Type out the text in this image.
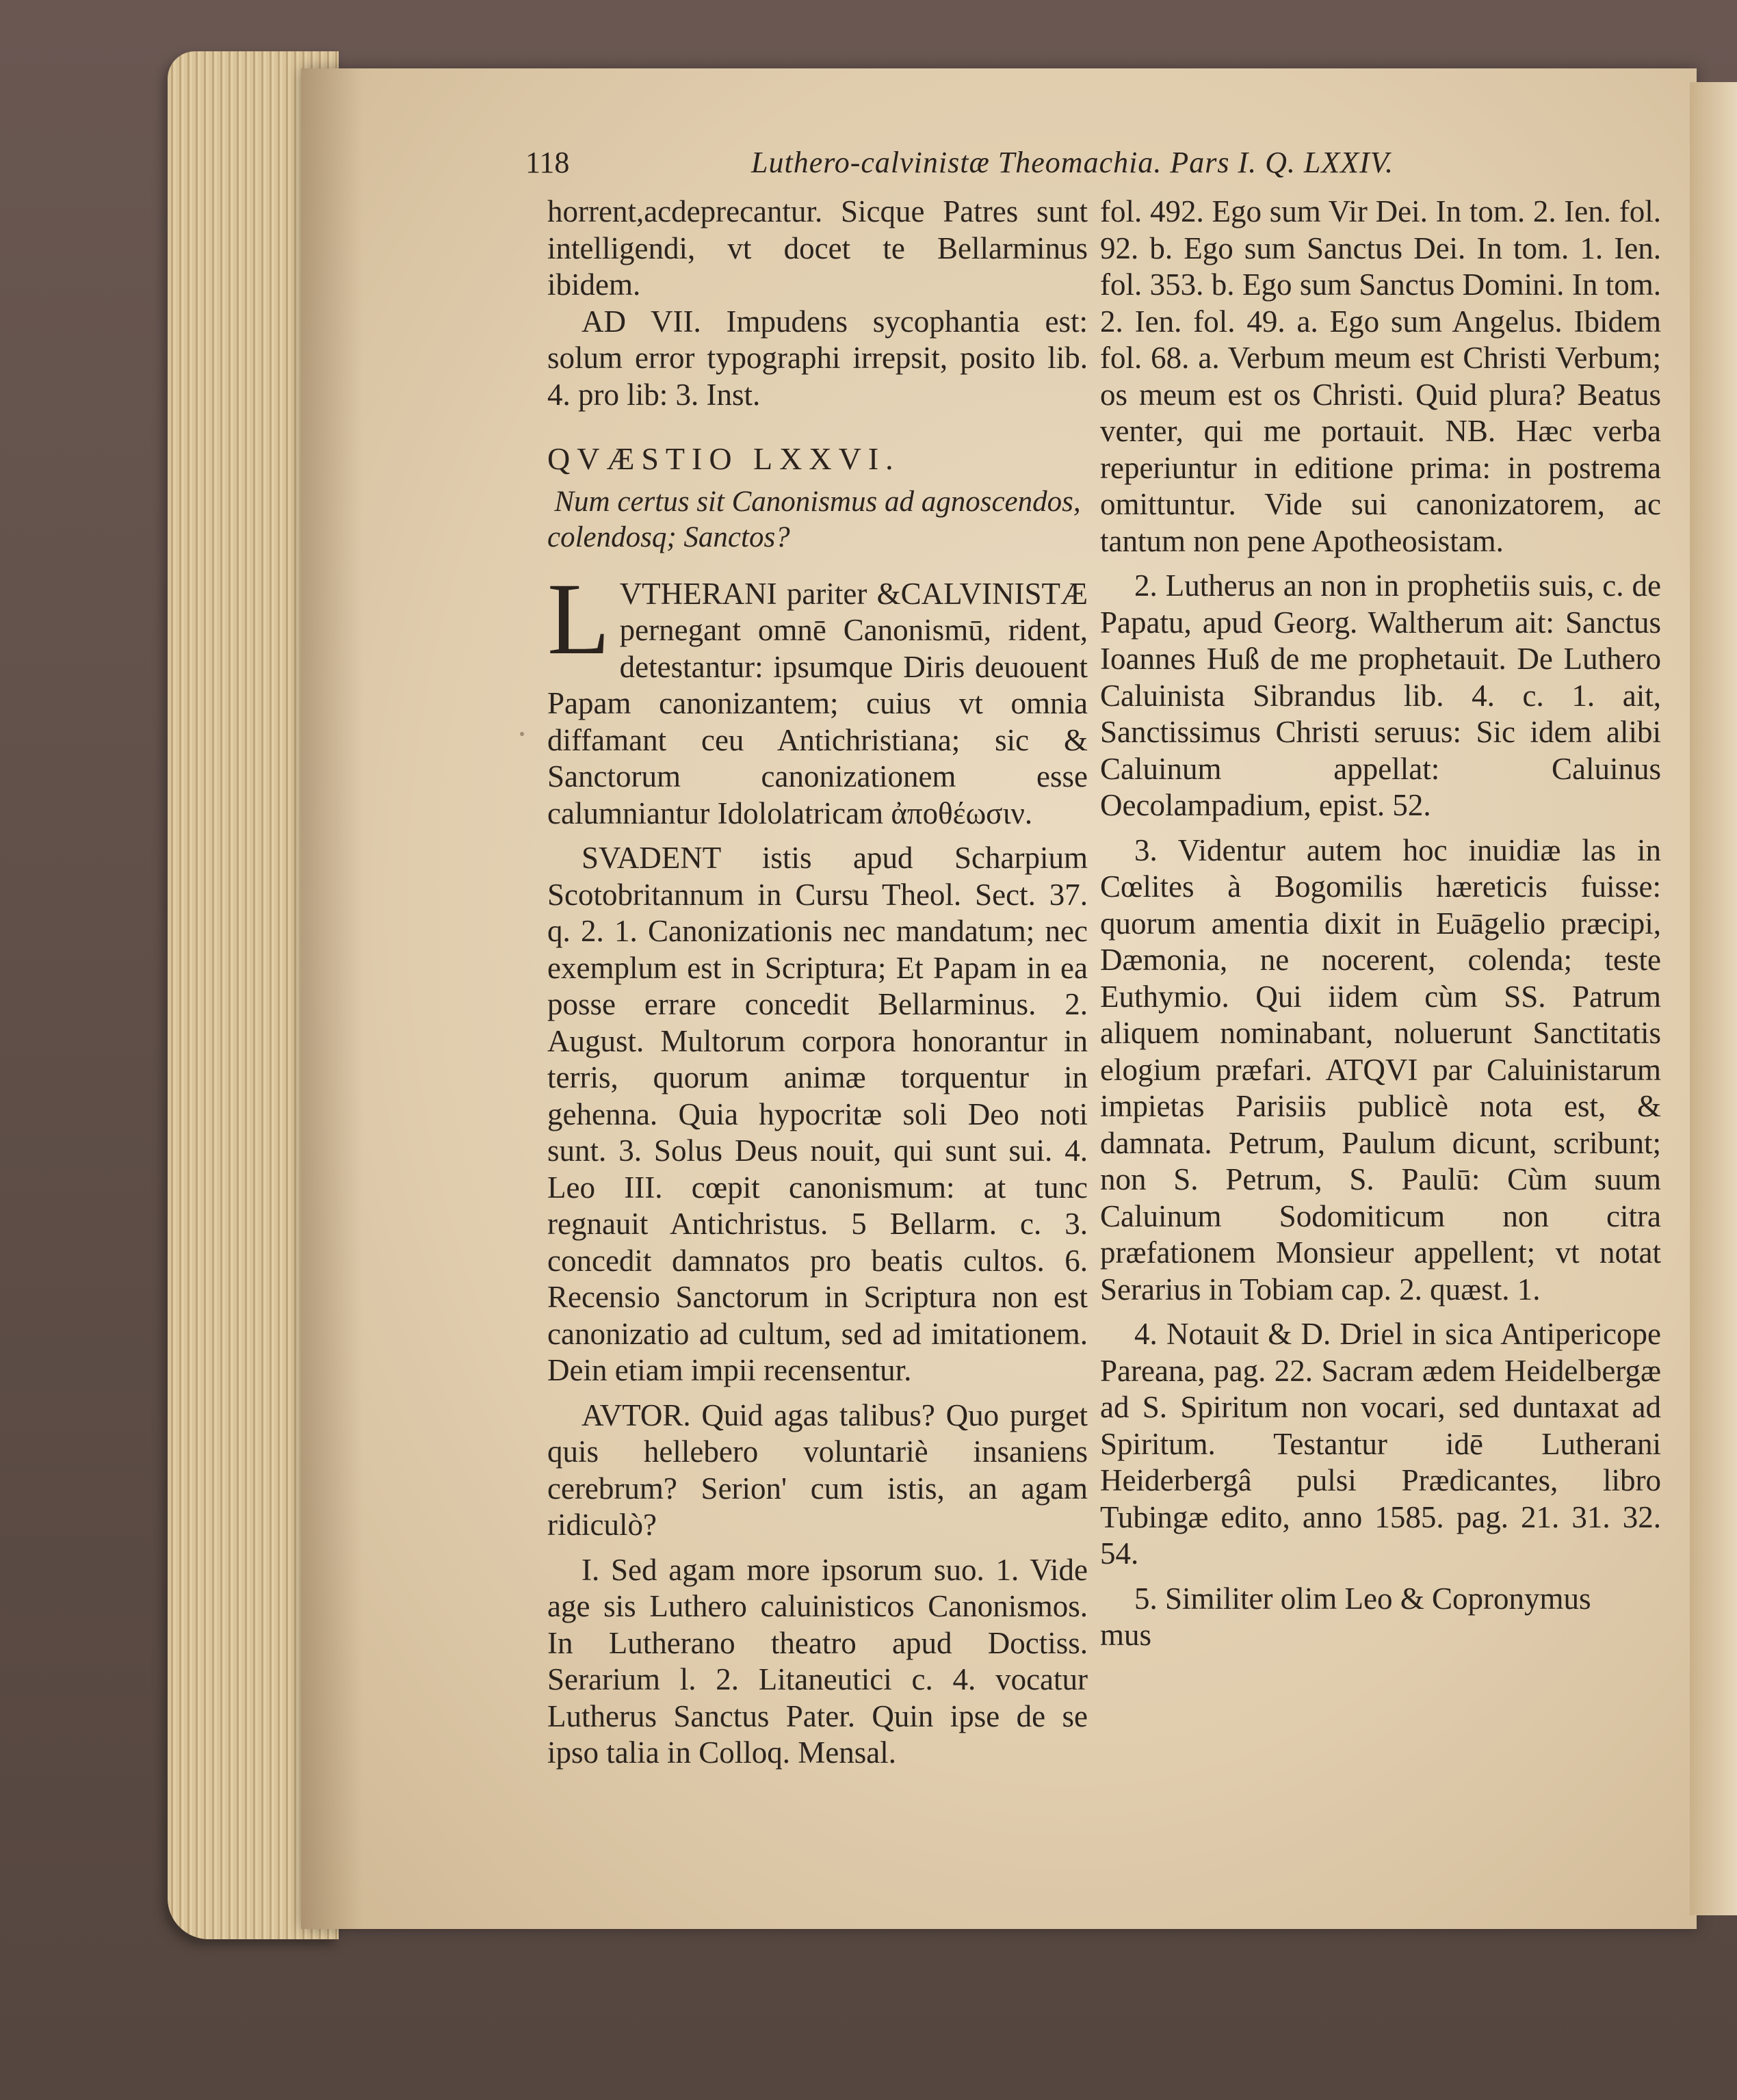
118	Luthero-calvinistæ Theomachia. Pars I. Q. LXXIV.

horrent,acdeprecantur. Sicque Patres sunt intelligendi, vt docet te Bellarminus ibidem.

AD VII. Impudens sycophantia est: solum error typographi irrepsit, posito lib. 4. pro lib: 3. Inst.

QVÆSTIO LXXVI.

Num certus sit Canonismus ad agnoscendos, colendosq; Sanctos?

LVTHERANI pariter &CALVINISTÆ pernegant omnē Canonismū, rident, detestantur: ipsumque Diris deuouent Papam canonizantem; cuius vt omnia diffamant ceu Antichristiana; sic & Sanctorum canonizationem esse calumniantur Idololatricam ἀποθέωσιν.

SVADENT istis apud Scharpium Scotobritannum in Cursu Theol. Sect. 37. q. 2. 1. Canonizationis nec mandatum; nec exemplum est in Scriptura; Et Papam in ea posse errare concedit Bellarminus. 2. August. Multorum corpora honorantur in terris, quorum animæ torquentur in gehenna. Quia hypocritæ soli Deo noti sunt. 3. Solus Deus nouit, qui sunt sui. 4. Leo III. cœpit canonismum: at tunc regnauit Antichristus. 5 Bellarm. c. 3. concedit damnatos pro beatis cultos. 6. Recensio Sanctorum in Scriptura non est canonizatio ad cultum, sed ad imitationem. Dein etiam impii recensentur.

AVTOR. Quid agas talibus? Quo purget quis hellebero voluntariè insaniens cerebrum? Serion' cum istis, an agam ridiculò?

I. Sed agam more ipsorum suo. 1. Vide age sis Luthero caluinisticos Canonismos. In Lutherano theatro apud Doctiss. Serarium l. 2. Litaneutici c. 4. vocatur Lutherus Sanctus Pater. Quin ipse de se ipso talia in Colloq. Mensal.

fol. 492. Ego sum Vir Dei. In tom. 2. Ien. fol. 92. b. Ego sum Sanctus Dei. In tom. 1. Ien. fol. 353. b. Ego sum Sanctus Domini. In tom. 2. Ien. fol. 49. a. Ego sum Angelus. Ibidem fol. 68. a. Verbum meum est Christi Verbum; os meum est os Christi. Quid plura? Beatus venter, qui me portauit. NB. Hæc verba reperiuntur in editione prima: in postrema omittuntur. Vide sui canonizatorem, ac tantum non pene Apotheosistam.

2. Lutherus an non in prophetiis suis, c. de Papatu, apud Georg. Waltherum ait: Sanctus Ioannes Huß de me prophetauit. De Luthero Caluinista Sibrandus lib. 4. c. 1. ait, Sanctissimus Christi seruus: Sic idem alibi Caluinum appellat: Caluinus Oecolampadium, epist. 52.

3. Videntur autem hoc inuidiæ las in Cœlites à Bogomilis hæreticis fuisse: quorum amentia dixit in Euāgelio præcipi, Dæmonia, ne nocerent, colenda; teste Euthymio. Qui iidem cùm SS. Patrum aliquem nominabant, noluerunt Sanctitatis elogium præfari. ATQVI par Caluinistarum impietas Parisiis publicè nota est, & damnata. Petrum, Paulum dicunt, scribunt; non S. Petrum, S. Paulū: Cùm suum Caluinum Sodomiticum non citra præfationem Monsieur appellent; vt notat Serarius in Tobiam cap. 2. quæst. 1.

4. Notauit & D. Driel in sica Antipericope Pareana, pag. 22. Sacram ædem Heidelbergæ ad S. Spiritum non vocari, sed duntaxat ad Spiritum. Testantur idē Lutherani Heiderbergâ pulsi Prædicantes, libro Tubingæ edito, anno 1585. pag. 21. 31. 32. 54.

5. Similiter olim Leo & Copronymus

mus
